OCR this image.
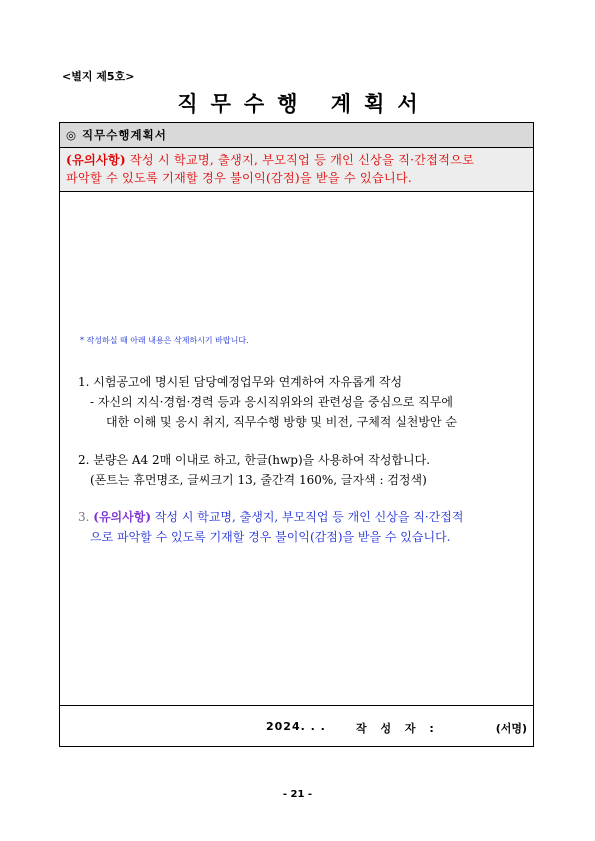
<별지 제5호>
직무수행 계획서
◎ 직무수행계획서
(유의사항) 작성 시 학교명, 출생지, 부모직업 등 개인 신상을 직·간접적으로
파악할 수 있도록 기재할 경우 불이익(감점)을 받을 수 있습니다.
* 작성하실 때 아래 내용은 삭제하시기 바랍니다.
1. 시험공고에 명시된 담당예정업무와 연계하여 자유롭게 작성
- 자신의 지식·경험·경력 등과 응시직위와의 관련성을 중심으로 직무에
대한 이해 및 응시 취지, 직무수행 방향 및 비전, 구체적 실천방안 순
2. 분량은 A4 2매 이내로 하고, 한글(hwp)을 사용하여 작성합니다.
(폰트는 휴먼명조, 글씨크기 13, 줄간격 160%, 글자색 : 검정색)
3. (유의사항) 작성 시 학교명, 출생지, 부모직업 등 개인 신상을 직·간접적
으로 파악할 수 있도록 기재할 경우 불이익(감점)을 받을 수 있습니다.
2024. . .	작 성 자 :	(서명)
- 21 -
